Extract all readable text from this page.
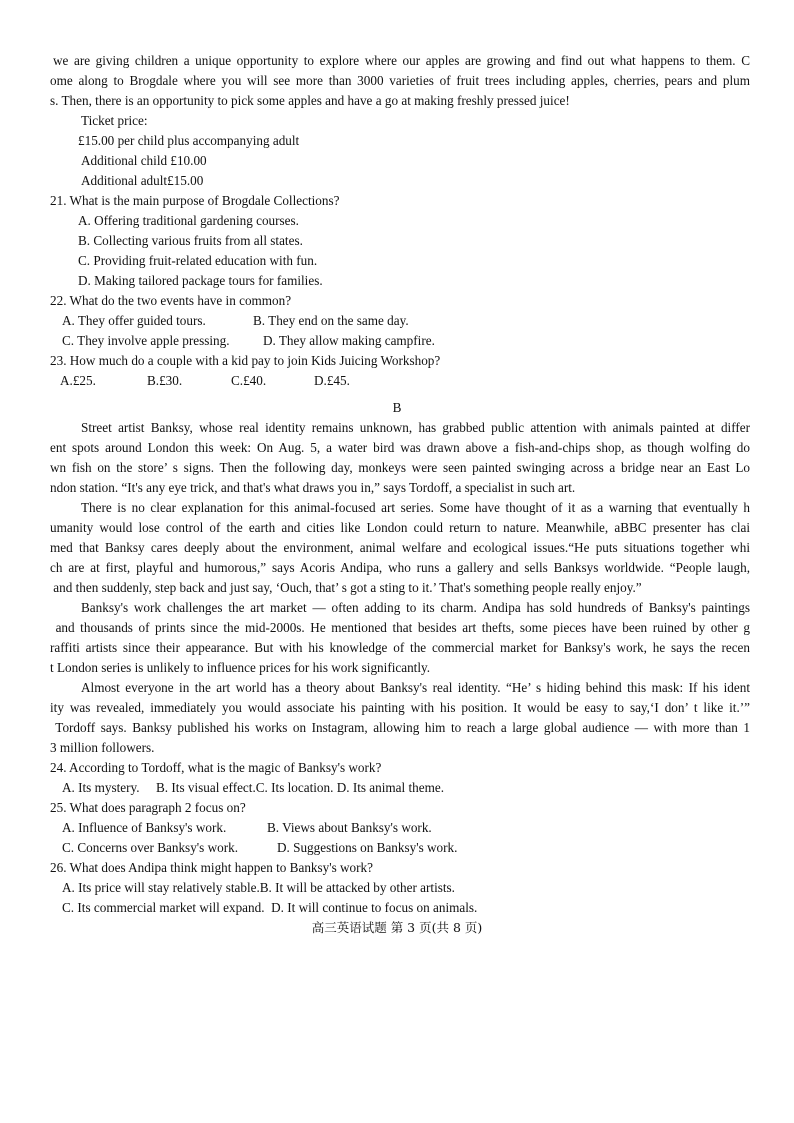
we are giving children a unique opportunity to explore where our apples are growing and find out what happens to them. C
ome along to Brogdale where you will see more than 3000 varieties of fruit trees including apples, cherries, pears and plum
s. Then, there is an opportunity to pick some apples and have a go at making freshly pressed juice!
Ticket price:
£15.00 per child plus accompanying adult
Additional child £10.00
Additional adult£15.00
21. What is the main purpose of Brogdale Collections?
A. Offering traditional gardening courses.
B. Collecting various fruits from all states.
C. Providing fruit-related education with fun.
D. Making tailored package tours for families.
22. What do the two events have in common?
A. They offer guided tours.	B. They end on the same day.
C. They involve apple pressing.	D. They allow making campfire.
23. How much do a couple with a kid pay to join Kids Juicing Workshop?
A.£25.	B.£30.	C.£40.	D.£45.
B
Street artist Banksy, whose real identity remains unknown, has grabbed public attention with animals painted at differ
ent spots around London this week: On Aug. 5, a water bird was drawn above a fish-and-chips shop, as though wolfing do
wn fish on the store’ s signs. Then the following day, monkeys were seen painted swinging across a bridge near an East Lo
ndon station. “It's any eye trick, and that's what draws you in,” says Tordoff, a specialist in such art.
There is no clear explanation for this animal-focused art series. Some have thought of it as a warning that eventually h
umanity would lose control of the earth and cities like London could return to nature. Meanwhile, aBBC presenter has clai
med that Banksy cares deeply about the environment, animal welfare and ecological issues.“He puts situations together whi
ch are at first, playful and humorous,” says Acoris Andipa, who runs a gallery and sells Banksys worldwide. “People laugh,
and then suddenly, step back and just say, ‘Ouch, that’ s got a sting to it.’ That's something people really enjoy.”
Banksy's work challenges the art market — often adding to its charm. Andipa has sold hundreds of Banksy's paintings
and thousands of prints since the mid-2000s. He mentioned that besides art thefts, some pieces have been ruined by other g
raffiti artists since their appearance. But with his knowledge of the commercial market for Banksy's work, he says the recen
t London series is unlikely to influence prices for his work significantly.
Almost everyone in the art world has a theory about Banksy's real identity. “He’ s hiding behind this mask: If his ident
ity was revealed, immediately you would associate his painting with his position. It would be easy to say,‘I don’ t like it.’”
Tordoff says. Banksy published his works on Instagram, allowing him to reach a large global audience — with more than 1
3 million followers.
24. According to Tordoff, what is the magic of Banksy's work?
A. Its mystery.     B. Its visual effect.C. Its location. D. Its animal theme.
25. What does paragraph 2 focus on?
A. Influence of Banksy's work.	B. Views about Banksy's work.
C. Concerns over Banksy's work.	D. Suggestions on Banksy's work.
26. What does Andipa think might happen to Banksy's work?
A. Its price will stay relatively stable.B. It will be attacked by other artists.
C. Its commercial market will expand.  D. It will continue to focus on animals.
高三英语试题 第 3 页(共 8 页)
